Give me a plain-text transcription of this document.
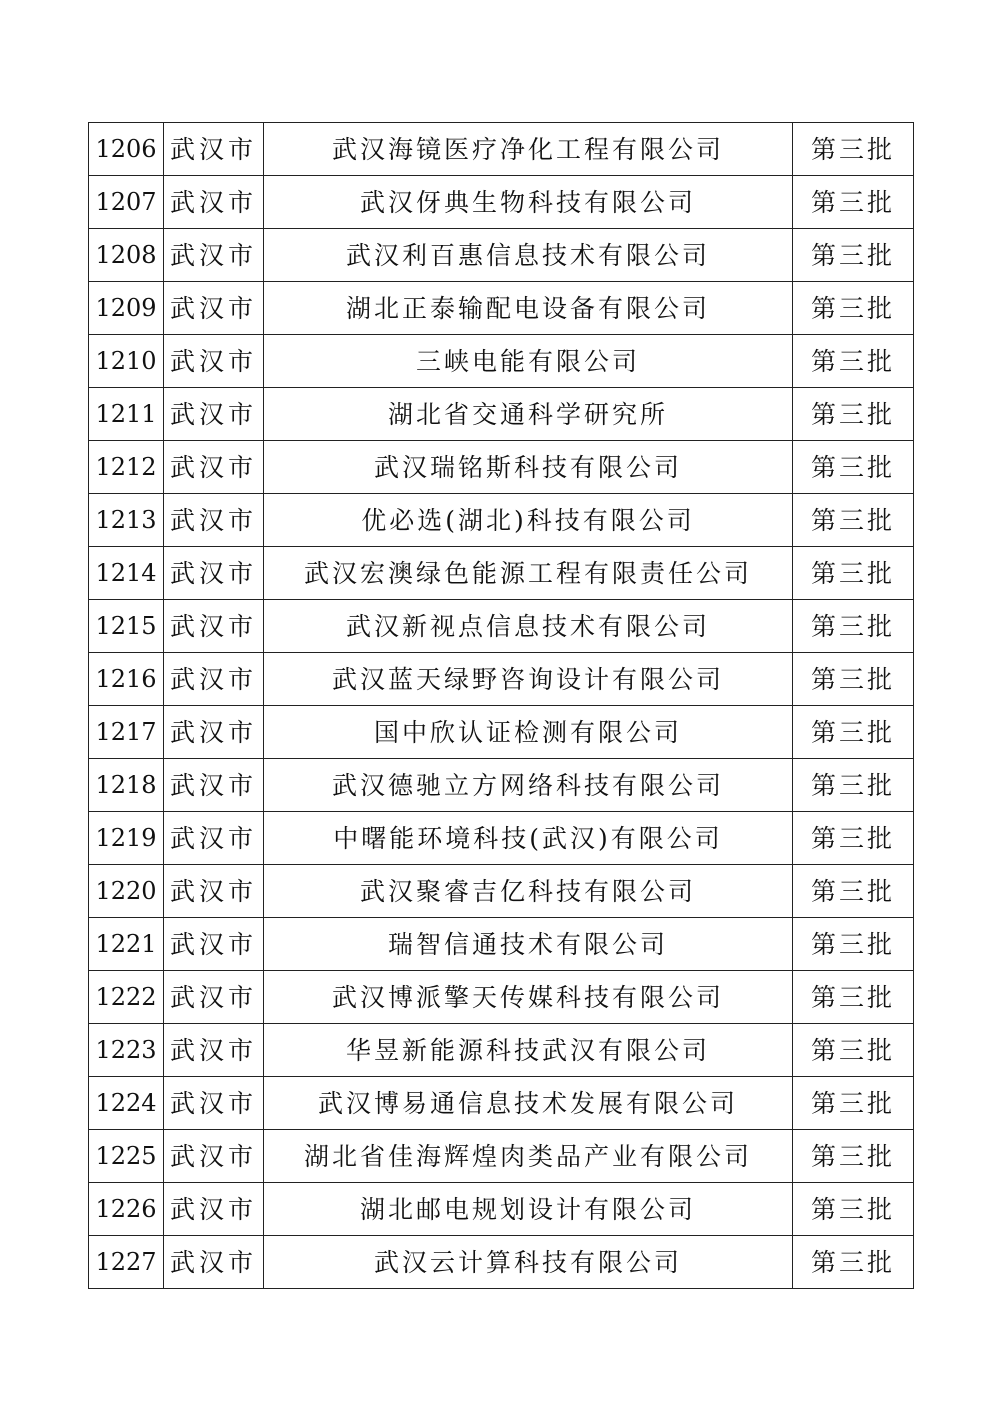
1206	武汉市	武汉海镜医疗净化工程有限公司	第三批
1207	武汉市	武汉伢典生物科技有限公司	第三批
1208	武汉市	武汉利百惠信息技术有限公司	第三批
1209	武汉市	湖北正泰输配电设备有限公司	第三批
1210	武汉市	三峡电能有限公司	第三批
1211	武汉市	湖北省交通科学研究所	第三批
1212	武汉市	武汉瑞铭斯科技有限公司	第三批
1213	武汉市	优必选(湖北)科技有限公司	第三批
1214	武汉市	武汉宏澳绿色能源工程有限责任公司	第三批
1215	武汉市	武汉新视点信息技术有限公司	第三批
1216	武汉市	武汉蓝天绿野咨询设计有限公司	第三批
1217	武汉市	国中欣认证检测有限公司	第三批
1218	武汉市	武汉德驰立方网络科技有限公司	第三批
1219	武汉市	中曙能环境科技(武汉)有限公司	第三批
1220	武汉市	武汉聚睿吉亿科技有限公司	第三批
1221	武汉市	瑞智信通技术有限公司	第三批
1222	武汉市	武汉博派擎天传媒科技有限公司	第三批
1223	武汉市	华昱新能源科技武汉有限公司	第三批
1224	武汉市	武汉博易通信息技术发展有限公司	第三批
1225	武汉市	湖北省佳海辉煌肉类品产业有限公司	第三批
1226	武汉市	湖北邮电规划设计有限公司	第三批
1227	武汉市	武汉云计算科技有限公司	第三批
